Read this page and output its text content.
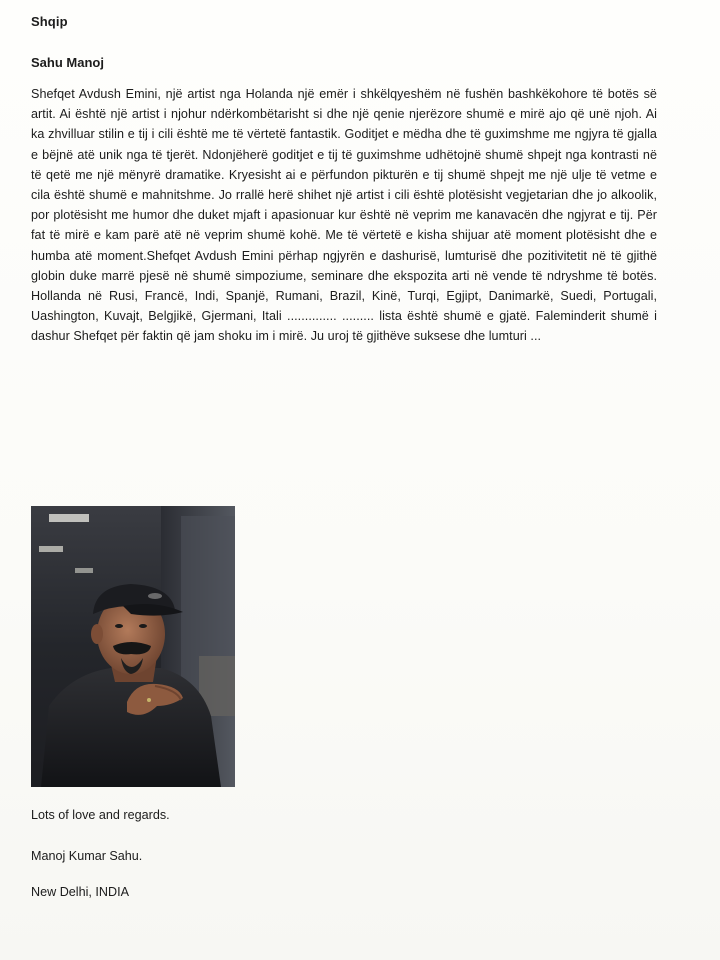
Shqip
Sahu Manoj

Shefqet Avdush Emini, një artist nga Holanda një emër i shkëlqyeshëm në fushën bashkëkohore të botës së artit. Ai është një artist i njohur ndërkombëtarisht si dhe një qenie njerëzore shumë e mirë ajo që unë njoh. Ai ka zhvilluar stilin e tij i cili është me të vërtetë fantastik. Goditjet e mëdha dhe të guximshme me ngjyra të gjalla e bëjnë atë unik nga të tjerët. Ndonjëherë goditjet e tij të guximshme udhëtojnë shumë shpejt nga kontrasti në të qetë me një mënyrë dramatike. Kryesisht ai e përfundon pikturën e tij shumë shpejt me një ulje të vetme e cila është shumë e mahnitshme. Jo rrallë herë shihet një artist i cili është plotësisht vegjetarian dhe jo alkoolik, por plotësisht me humor dhe duket mjaft i apasionuar kur është në veprim me kanavacën dhe ngjyrat e tij. Për fat të mirë e kam parë atë në veprim shumë kohë. Me të vërtetë e kisha shijuar atë moment plotësisht dhe e humba atë moment.Shefqet Avdush Emini përhap ngjyrën e dashurisë, lumturisë dhe pozitivitetit në të gjithë globin duke marrë pjesë në shumë simpoziume, seminare dhe ekspozita arti në vende të ndryshme të botës. Hollanda në Rusi, Francë, Indi, Spanjë, Rumani, Brazil, Kinë, Turqi, Egjipt, Danimarkë, Suedi, Portugali, Uashington, Kuvajt, Belgjikë, Gjermani, Itali .............. ......... lista është shumë e gjatë. Faleminderit shumë i dashur Shefqet për faktin që jam shoku im i mirë. Ju uroj të gjithëve suksese dhe lumturi ...

Lots of love and regards.
Manoj Kumar Sahu.
New Delhi, INDIA
